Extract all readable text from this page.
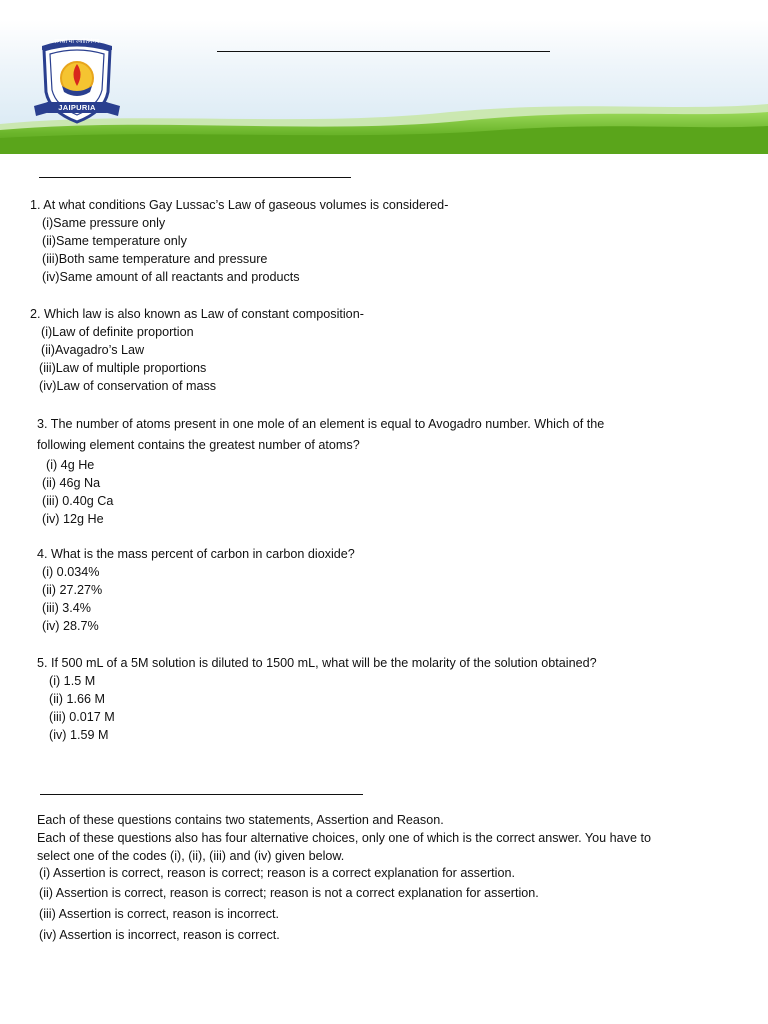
तमसो मा ज्योतिर्गमय
JAIPURIA

1. At what conditions Gay Lussac’s Law of gaseous volumes is considered-

(i)Same pressure only

(ii)Same temperature only

(iii)Both same temperature and pressure

(iv)Same amount of all reactants and products

2. Which law is also known as Law of constant composition-

(i)Law of definite proportion

(ii)Avagadro’s Law

(iii)Law of multiple proportions

(iv)Law of conservation of mass

3. The number of atoms present in one mole of an element is equal to Avogadro number. Which of the

following element contains the greatest number of atoms?

(i) 4g He

(ii) 46g Na

(iii) 0.40g Ca

(iv) 12g He

4. What is the mass percent of carbon in carbon dioxide?

(i) 0.034%

(ii) 27.27%

(iii) 3.4%

(iv) 28.7%

5. If 500 mL of a 5M solution is diluted to 1500 mL, what will be the molarity of the solution obtained?

(i) 1.5 M

(ii) 1.66 M

(iii) 0.017 M

(iv) 1.59 M

Each of these questions contains two statements, Assertion and Reason.

Each of these questions also has four alternative choices, only one of which is the correct answer. You have to

select one of the codes (i), (ii), (iii) and (iv) given below.

(i) Assertion is correct, reason is correct; reason is a correct explanation for assertion.

(ii) Assertion is correct, reason is correct; reason is not a correct explanation for assertion.

(iii) Assertion is correct, reason is incorrect.

(iv) Assertion is incorrect, reason is correct.
